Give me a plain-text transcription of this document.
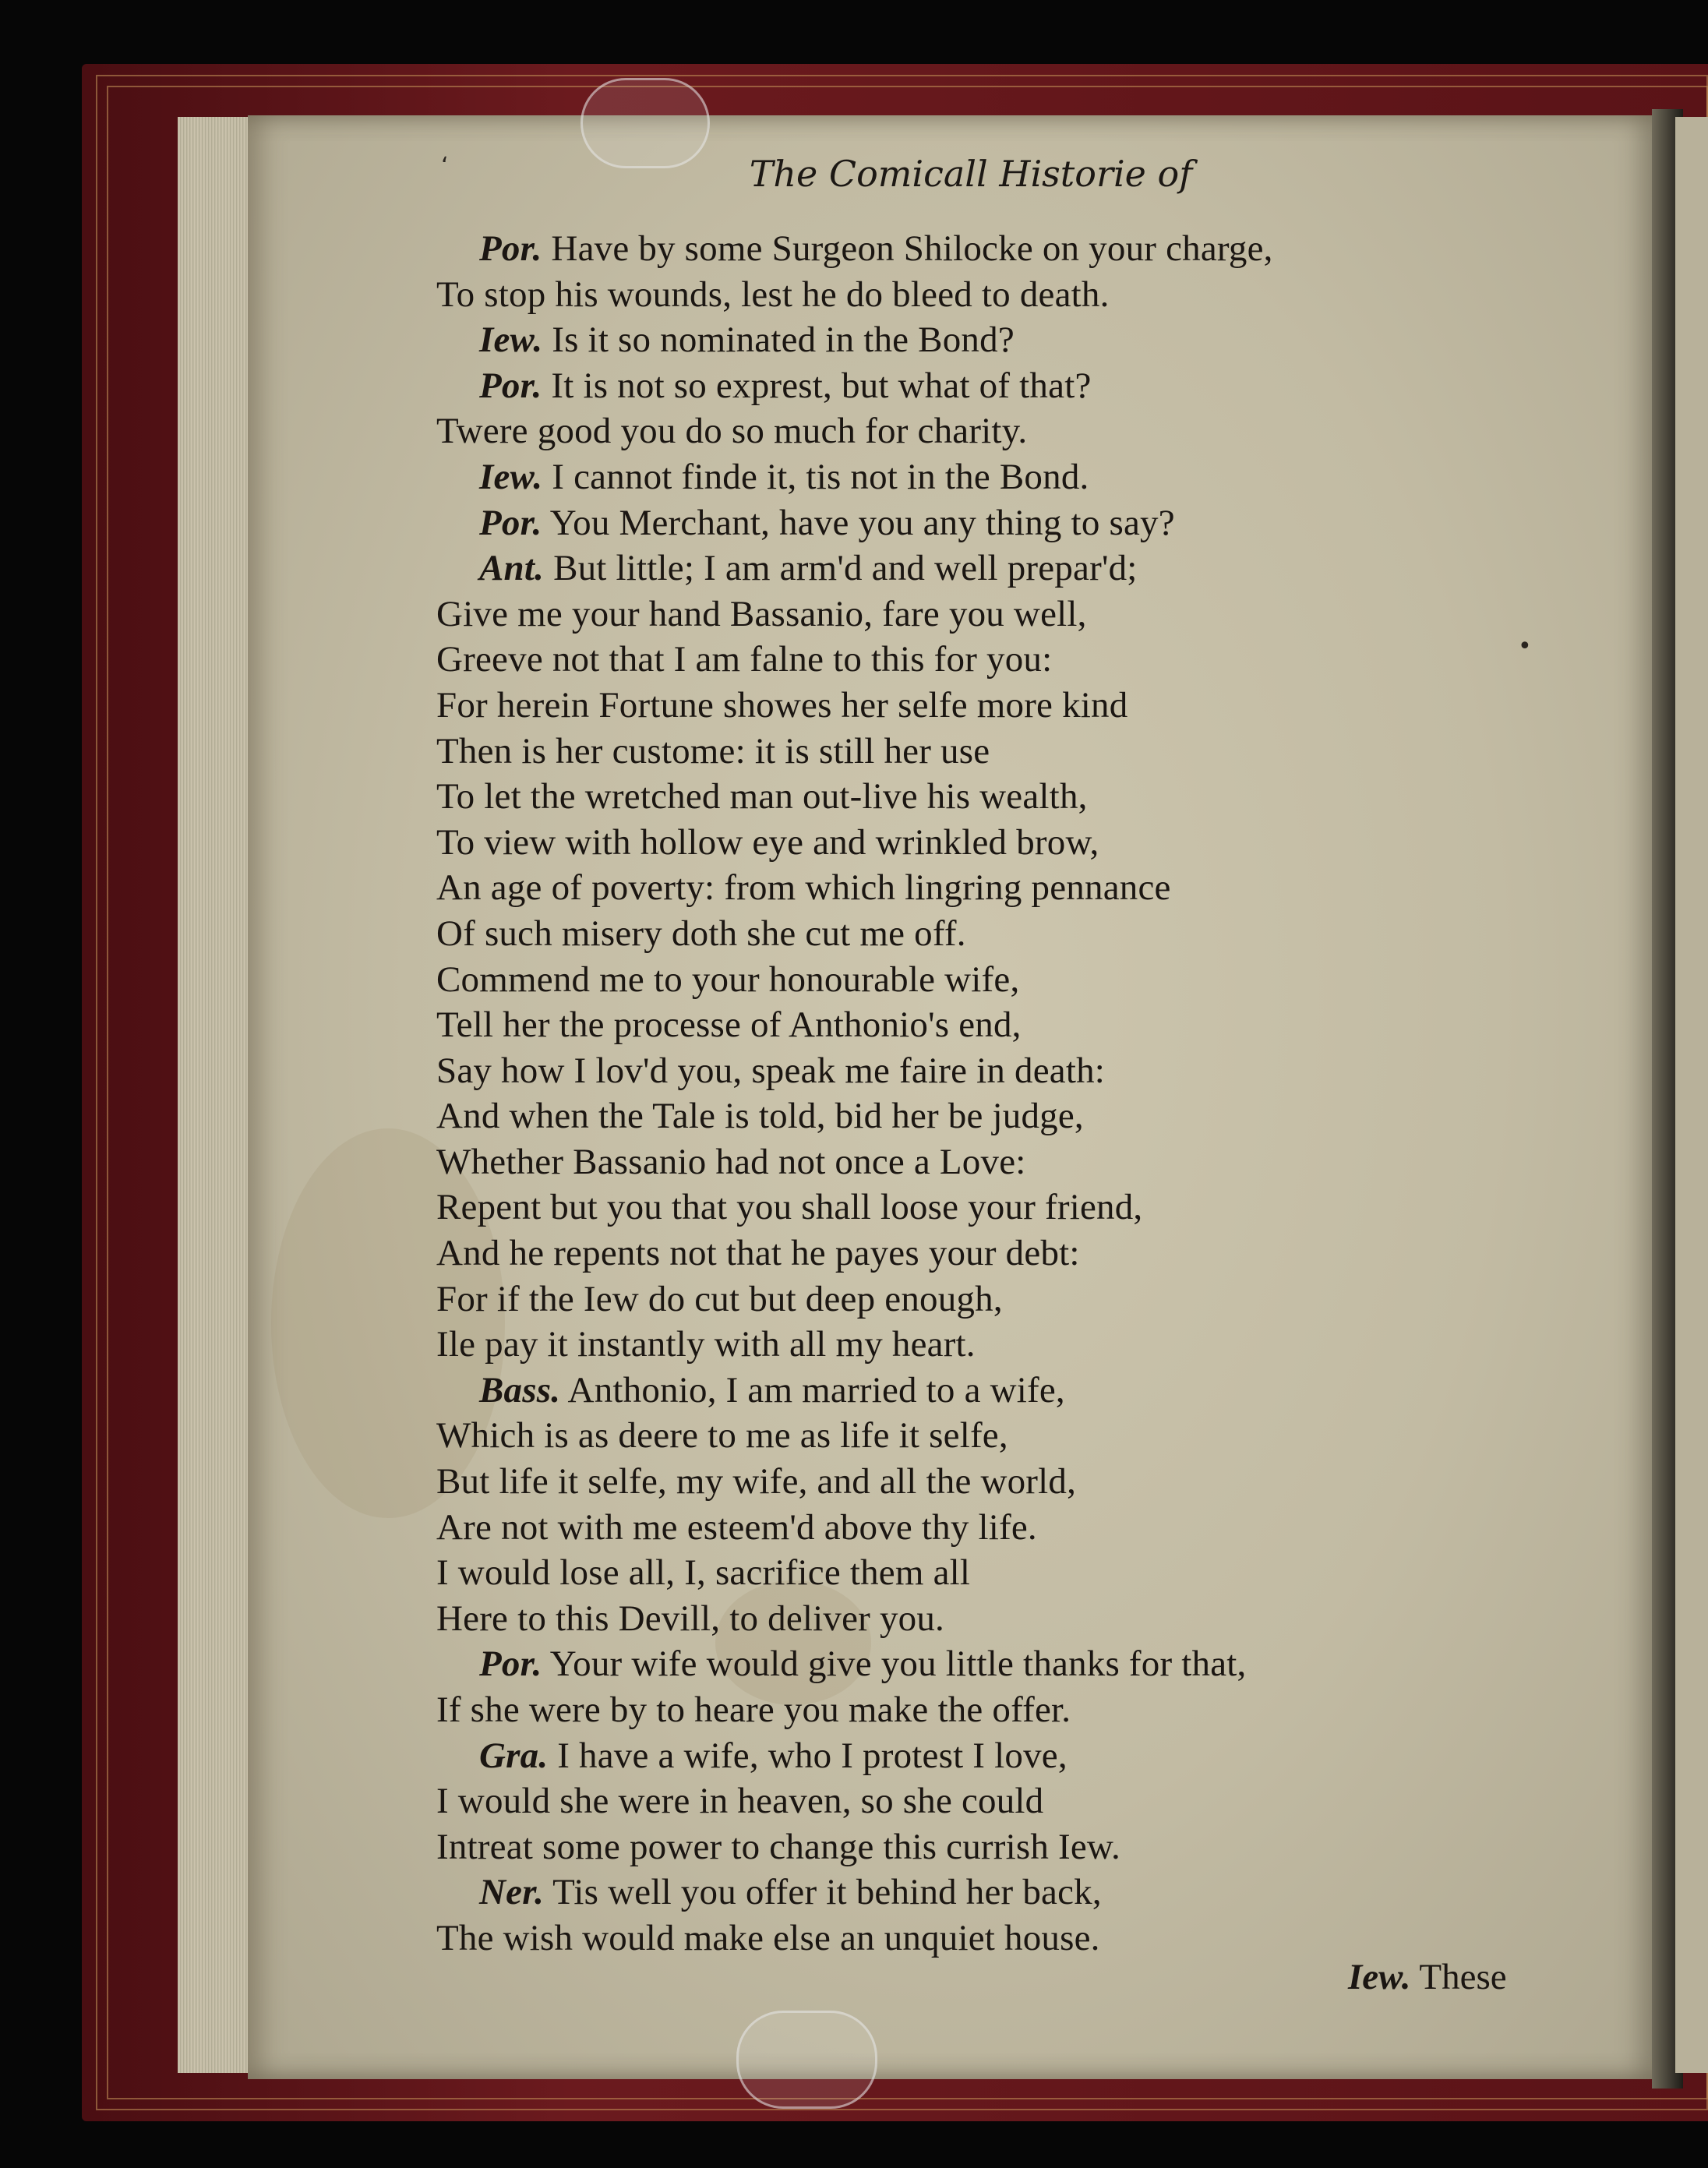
The Comicall Historie of
Por. Have by some Surgeon Shilocke on your charge,
To stop his wounds, lest he do bleed to death.
Iew. Is it so nominated in the Bond?
Por. It is not so exprest, but what of that?
Twere good you do so much for charity.
Iew. I cannot finde it, tis not in the Bond.
Por. You Merchant, have you any thing to say?
Ant. But little; I am arm'd and well prepar'd;
Give me your hand Bassanio, fare you well,
Greeve not that I am falne to this for you:
For herein Fortune showes her selfe more kind
Then is her custome: it is still her use
To let the wretched man out-live his wealth,
To view with hollow eye and wrinkled brow,
An age of poverty: from which lingring pennance
Of such misery doth she cut me off.
Commend me to your honourable wife,
Tell her the processe of Anthonio's end,
Say how I lov'd you, speak me faire in death:
And when the Tale is told, bid her be judge,
Whether Bassanio had not once a Love:
Repent but you that you shall loose your friend,
And he repents not that he payes your debt:
For if the Iew do cut but deep enough,
Ile pay it instantly with all my heart.
Bass. Anthonio, I am married to a wife,
Which is as deere to me as life it selfe,
But life it selfe, my wife, and all the world,
Are not with me esteem'd above thy life.
I would lose all, I, sacrifice them all
Here to this Devill, to deliver you.
Por. Your wife would give you little thanks for that,
If she were by to heare you make the offer.
Gra. I have a wife, who I protest I love,
I would she were in heaven, so she could
Intreat some power to change this currish Iew.
Ner. Tis well you offer it behind her back,
The wish would make else an unquiet house.
Iew. These
‘
•
